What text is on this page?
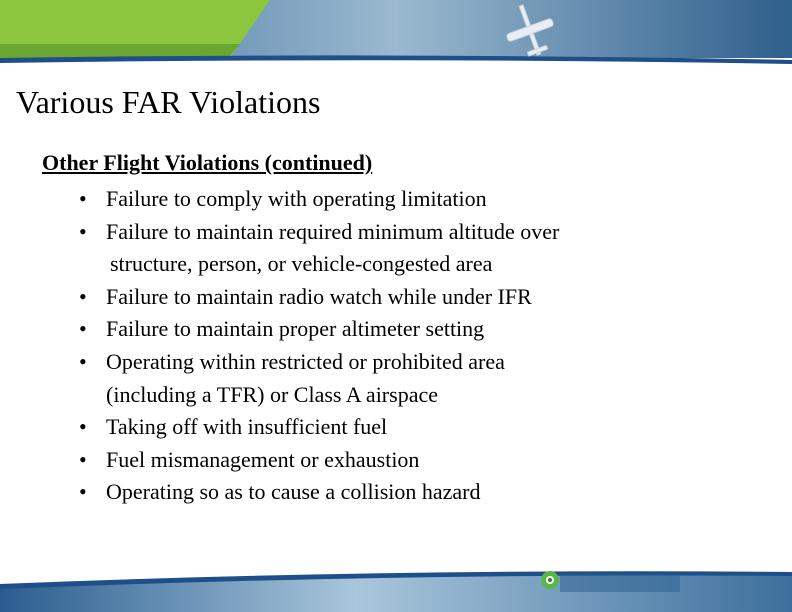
Various FAR Violations
Other Flight Violations (continued)
• Failure to comply with operating limitation
• Failure to maintain required minimum altitude over
structure, person, or vehicle-congested area
• Failure to maintain radio watch while under IFR
• Failure to maintain proper altimeter setting
• Operating within restricted or prohibited area
(including a TFR) or Class A airspace
• Taking off with insufficient fuel
• Fuel mismanagement or exhaustion
• Operating so as to cause a collision hazard
